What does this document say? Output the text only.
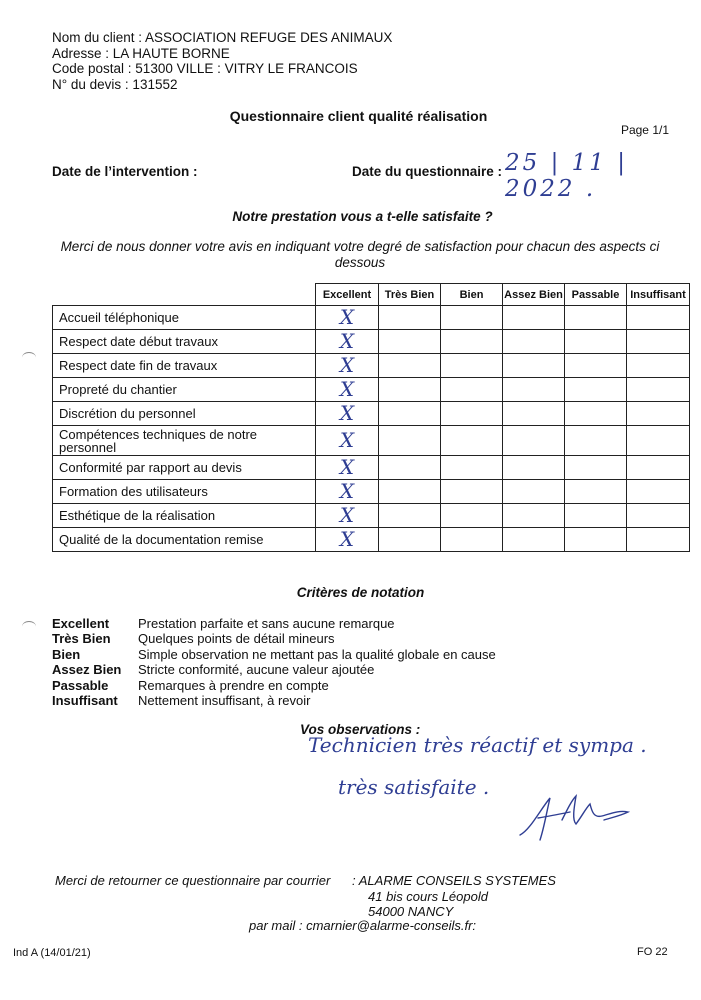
Nom du client : ASSOCIATION REFUGE DES ANIMAUX
Adresse : LA HAUTE BORNE
Code postal : 51300 VILLE : VITRY LE FRANCOIS
N° du devis : 131552
Questionnaire client qualité réalisation
Page 1/1
Date de l’intervention :	Date du questionnaire : 25 | 11 | 2022 .
Notre prestation vous a t-elle satisfaite ?
Merci de nous donner votre avis en indiquant votre degré de satisfaction pour chacun des aspects ci dessous
	Excellent	Très Bien	Bien	Assez Bien	Passable	Insuffisant
Accueil téléphonique	X					
Respect date début travaux	X					
Respect date fin de travaux	X					
Propreté du chantier	X					
Discrétion du personnel	X					
Compétences techniques de notre personnel	X					
Conformité par rapport au devis	X					
Formation des utilisateurs	X					
Esthétique de la réalisation	X					
Qualité de la documentation remise	X					
Critères de notation
Excellent	Prestation parfaite et sans aucune remarque
Très Bien	Quelques points de détail mineurs
Bien	Simple observation ne mettant pas la qualité globale en cause
Assez Bien	Stricte conformité, aucune valeur ajoutée
Passable	Remarques à prendre en compte
Insuffisant	Nettement insuffisant, à revoir
Vos observations :
Technicien très réactif et sympa .
très satisfaite .
Merci de retourner ce questionnaire par courrier : ALARME CONSEILS SYSTEMES
41 bis cours Léopold
54000 NANCY
par mail : cmarnier@alarme-conseils.fr:
Ind A (14/01/21)	FO 22
